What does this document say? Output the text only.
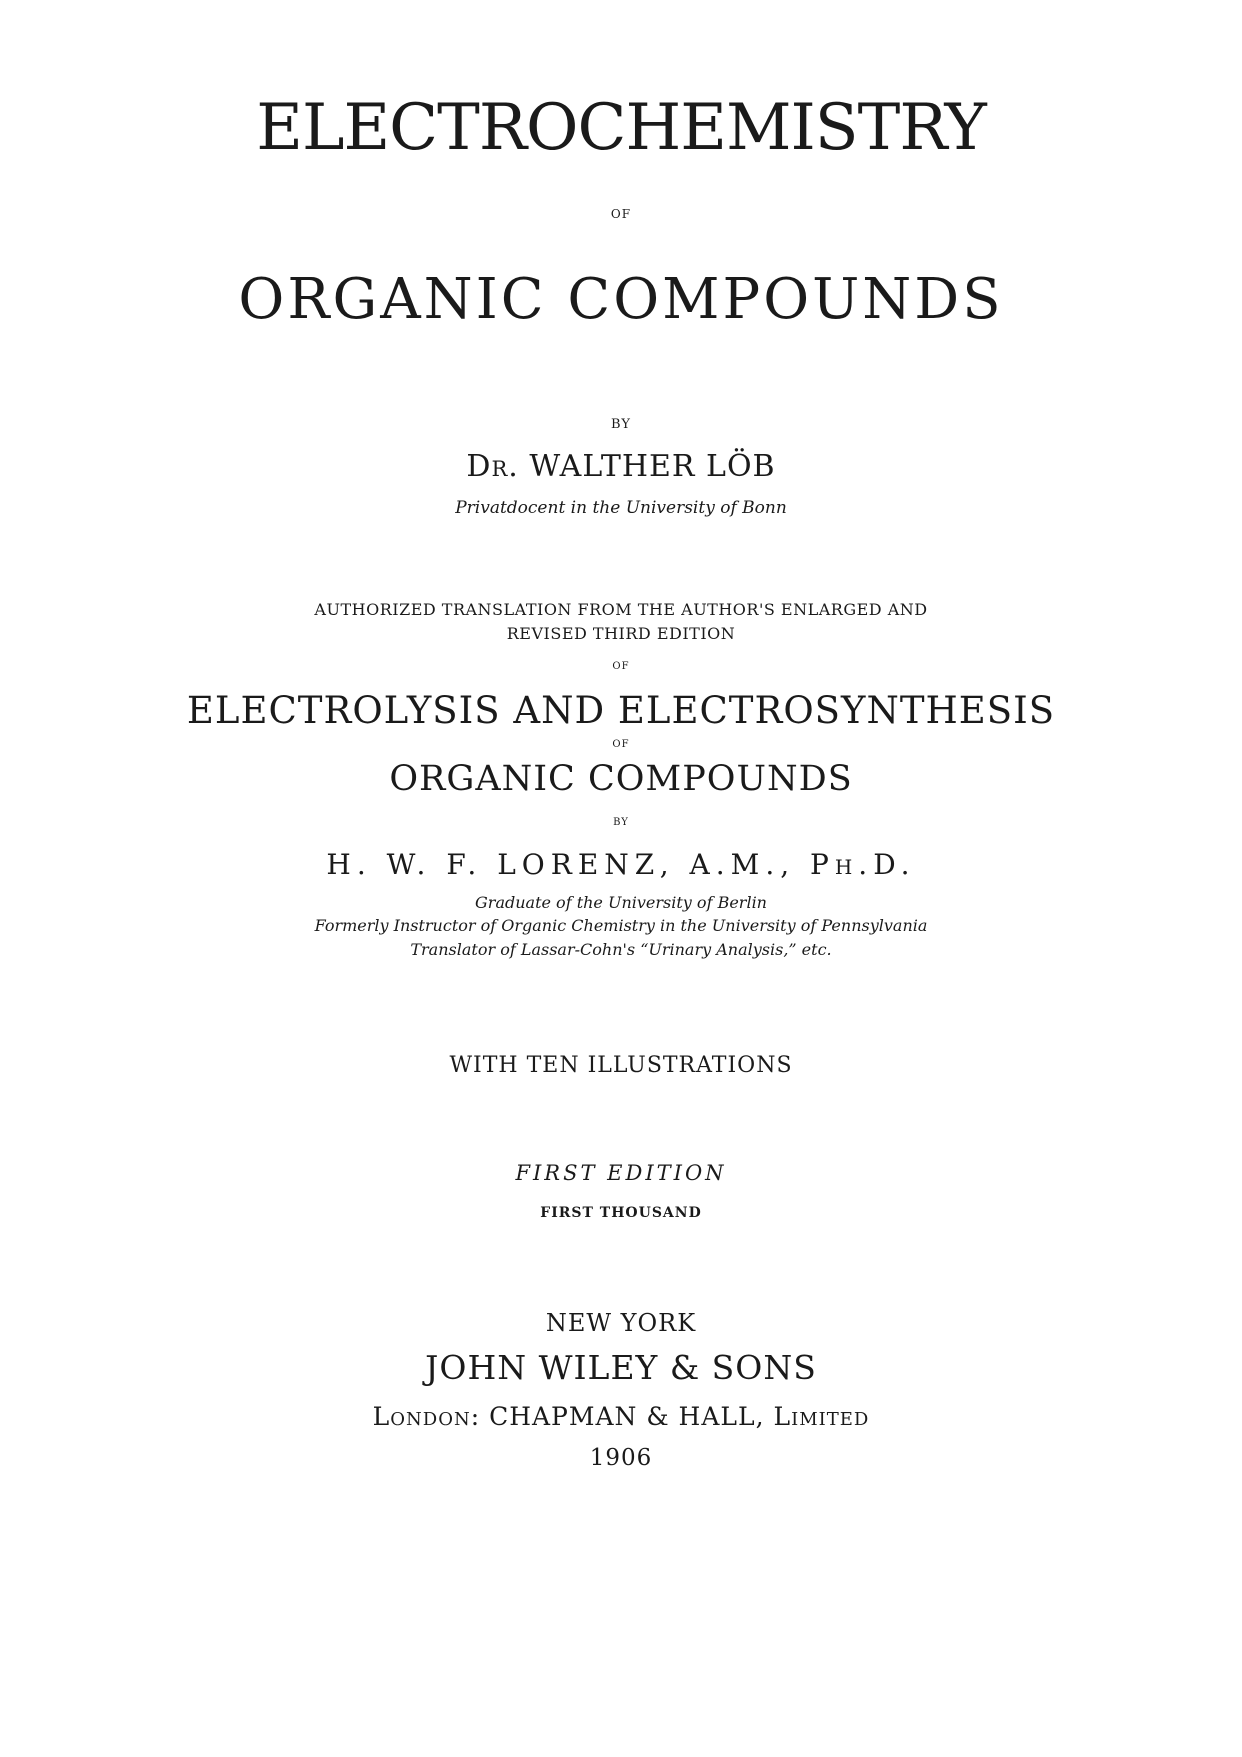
ELECTROCHEMISTRY
OF
ORGANIC COMPOUNDS
BY
Dr. WALTHER LÖB
Privatdocent in the University of Bonn
AUTHORIZED TRANSLATION FROM THE AUTHOR'S ENLARGED AND
REVISED THIRD EDITION
OF
ELECTROLYSIS AND ELECTROSYNTHESIS
OF
ORGANIC COMPOUNDS
BY
H. W. F. LORENZ, A.M., Ph.D.
Graduate of the University of Berlin
Formerly Instructor of Organic Chemistry in the University of Pennsylvania
Translator of Lassar-Cohn's “Urinary Analysis,” etc.
WITH TEN ILLUSTRATIONS
FIRST EDITION
FIRST THOUSAND
NEW YORK
JOHN WILEY & SONS
London: CHAPMAN & HALL, Limited
1906
